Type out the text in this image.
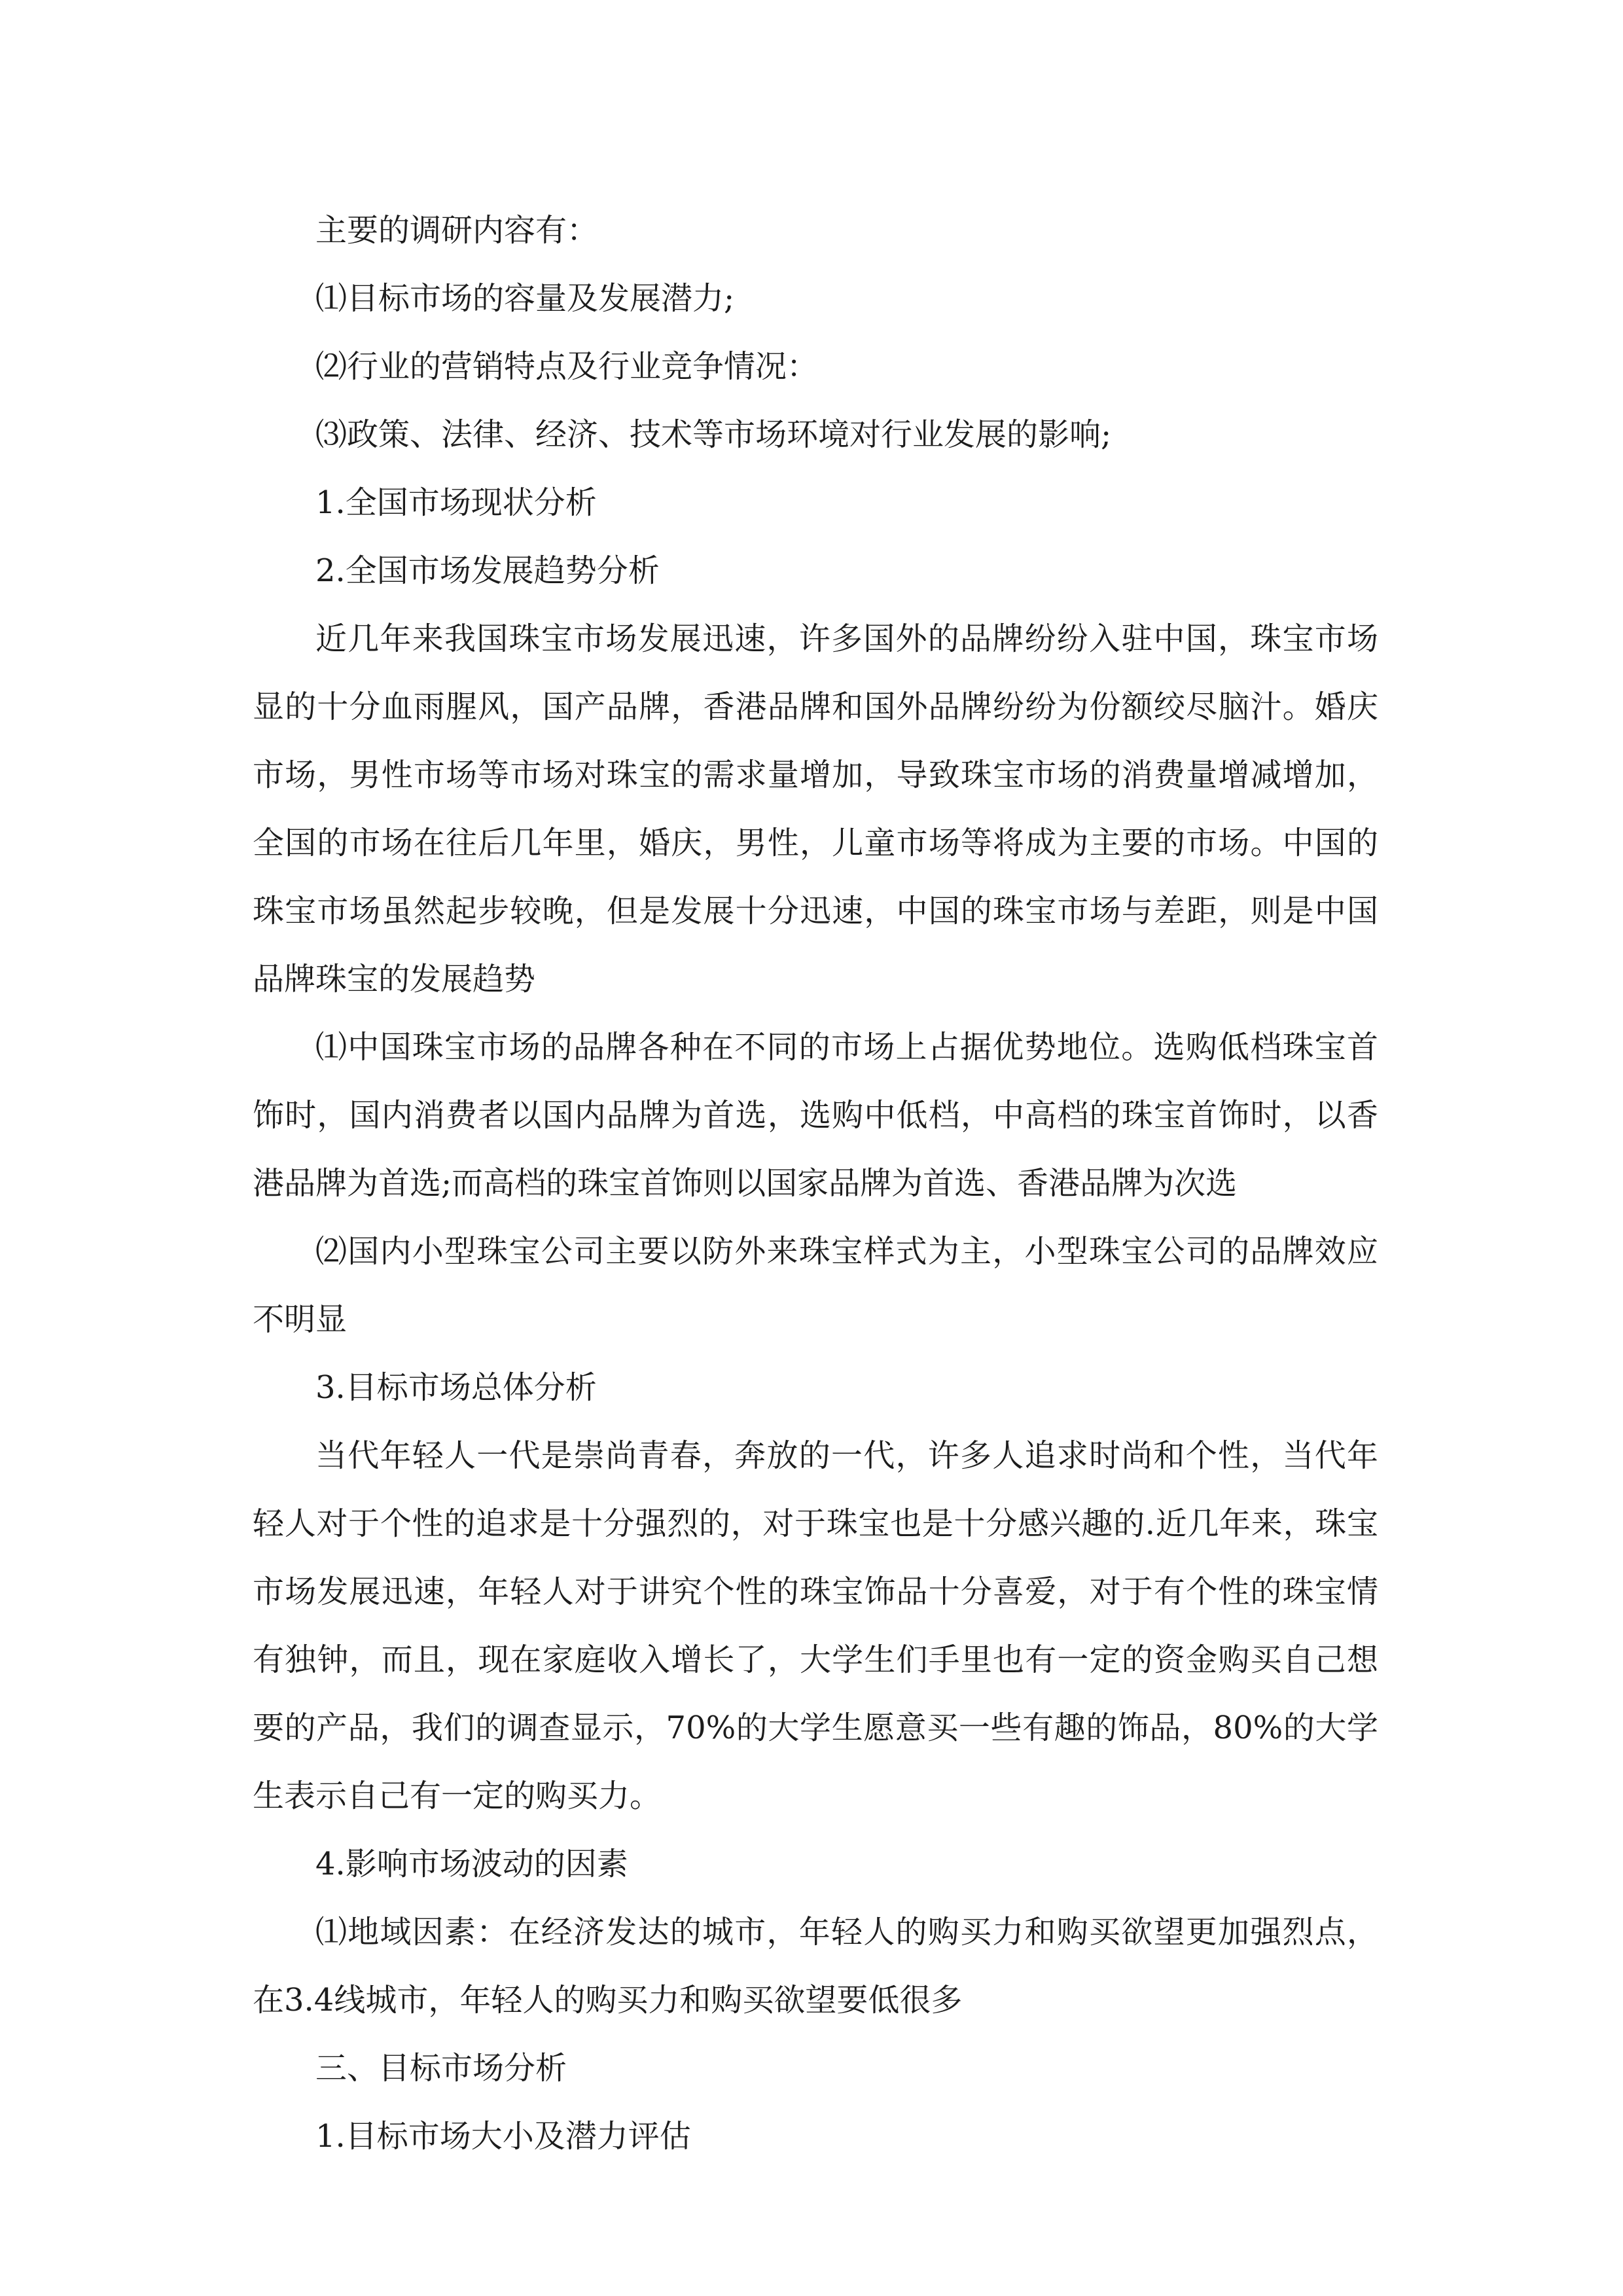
主要的调研内容有：

⑴目标市场的容量及发展潜力;

⑵行业的营销特点及行业竞争情况：

⑶政策、法律、经济、技术等市场环境对行业发展的影响;

1.全国市场现状分析

2.全国市场发展趋势分析

近几年来我国珠宝市场发展迅速，许多国外的品牌纷纷入驻中国，珠宝市场显的十分血雨腥风，国产品牌，香港品牌和国外品牌纷纷为份额绞尽脑汁。婚庆市场，男性市场等市场对珠宝的需求量增加，导致珠宝市场的消费量增减增加，全国的市场在往后几年里，婚庆，男性，儿童市场等将成为主要的市场。中国的珠宝市场虽然起步较晚，但是发展十分迅速，中国的珠宝市场与差距，则是中国品牌珠宝的发展趋势

⑴中国珠宝市场的品牌各种在不同的市场上占据优势地位。选购低档珠宝首饰时，国内消费者以国内品牌为首选，选购中低档，中高档的珠宝首饰时，以香港品牌为首选;而高档的珠宝首饰则以国家品牌为首选、香港品牌为次选

⑵国内小型珠宝公司主要以防外来珠宝样式为主，小型珠宝公司的品牌效应不明显

3.目标市场总体分析

当代年轻人一代是崇尚青春，奔放的一代，许多人追求时尚和个性，当代年轻人对于个性的追求是十分强烈的，对于珠宝也是十分感兴趣的.近几年来，珠宝市场发展迅速，年轻人对于讲究个性的珠宝饰品十分喜爱，对于有个性的珠宝情有独钟，而且，现在家庭收入增长了，大学生们手里也有一定的资金购买自己想要的产品，我们的调查显示，70%的大学生愿意买一些有趣的饰品，80%的大学生表示自己有一定的购买力。

4.影响市场波动的因素

⑴地域因素：在经济发达的城市，年轻人的购买力和购买欲望更加强烈点，在3.4线城市，年轻人的购买力和购买欲望要低很多

三、目标市场分析

1.目标市场大小及潜力评估
